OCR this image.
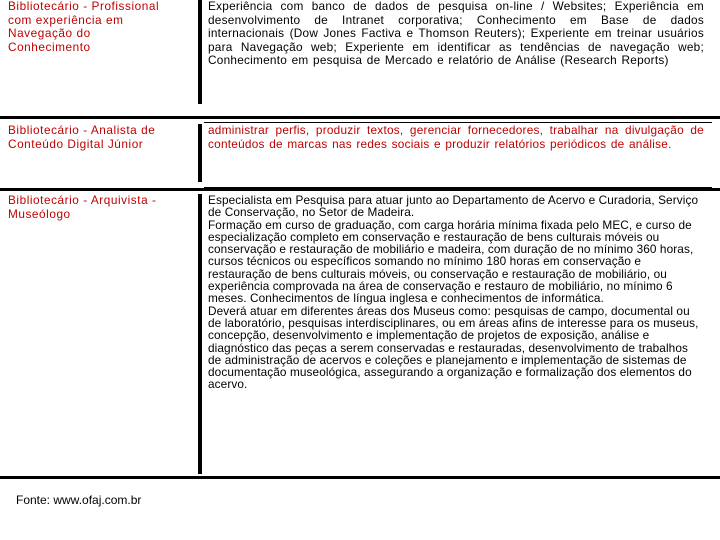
Bibliotecário - Profissional
com experiência em
Navegação do
Conhecimento

Experiência com banco de dados de pesquisa on-line / Websites; Experiência em desenvolvimento de Intranet corporativa; Conhecimento em Base de dados internacionais (Dow Jones Factiva e Thomson Reuters); Experiente em treinar usuários para Navegação web; Experiente em identificar as tendências de navegação web; Conhecimento em pesquisa de Mercado e relatório de Análise (Research Reports)

Bibliotecário - Analista de
Conteúdo Digital Júnior

administrar perfis, produzir textos, gerenciar fornecedores, trabalhar na divulgação de conteúdos de marcas nas redes sociais e produzir relatórios periódicos de análise.

Bibliotecário - Arquivista -
Museólogo

Especialista em Pesquisa para atuar junto ao Departamento de Acervo e Curadoria, Serviço de Conservação, no Setor de Madeira.

Formação em curso de graduação, com carga horária mínima fixada pelo MEC, e curso de especialização completo em conservação e restauração de bens culturais móveis ou conservação e restauração de mobiliário e madeira, com duração de no mínimo 360 horas, cursos técnicos ou específicos somando no mínimo 180 horas em conservação e restauração de bens culturais móveis, ou conservação e restauração de mobiliário, ou experiência comprovada na área de conservação e restauro de mobiliário, no mínimo 6 meses. Conhecimentos de língua inglesa e conhecimentos de informática.

Deverá atuar em diferentes áreas dos Museus como: pesquisas de campo, documental ou de laboratório, pesquisas interdisciplinares, ou em áreas afins de interesse para os museus, concepção, desenvolvimento e implementação de projetos de exposição, análise e diagnóstico das peças a serem conservadas e restauradas, desenvolvimento de trabalhos de administração de acervos e coleções e planejamento e implementação de sistemas de documentação museológica, assegurando a organização e formalização dos elementos do acervo.

Fonte: www.ofaj.com.br
